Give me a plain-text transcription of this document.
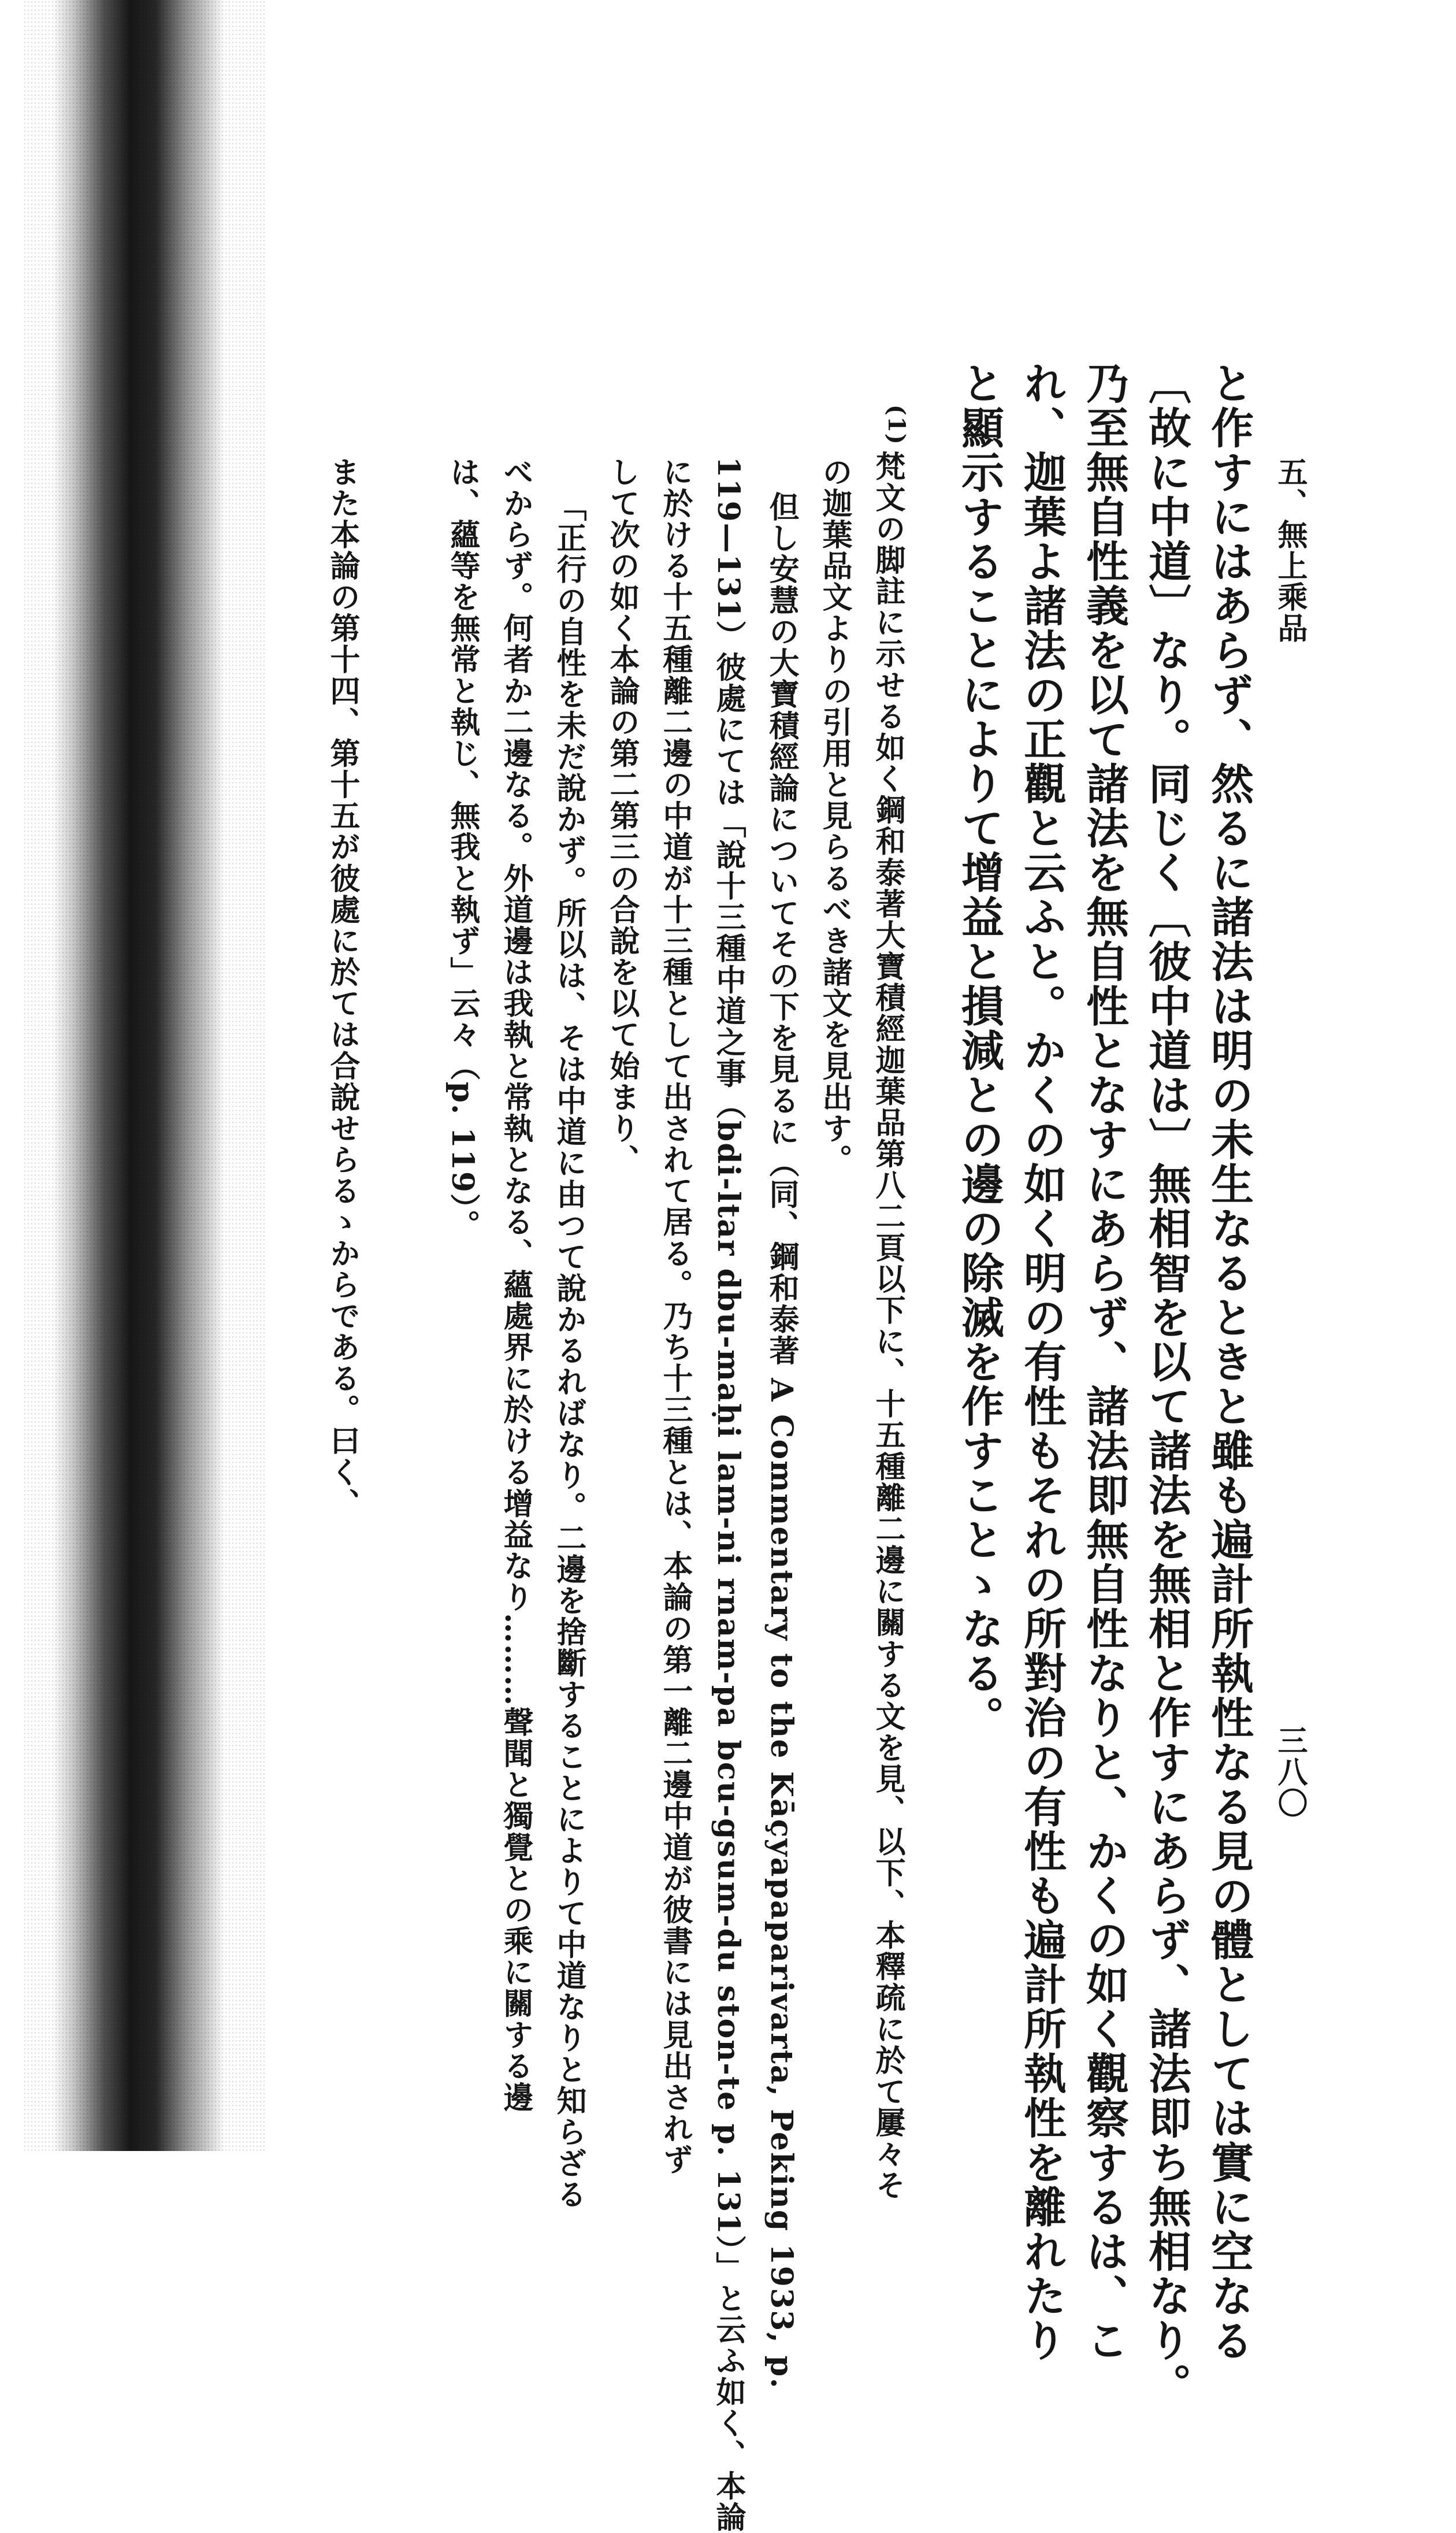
五、無上乘品
三八〇
と作すにはあらず、然るに諸法は明の未生なるときと雖も遍計所執性なる見の體としては實に空なる
〔故に中道〕なり。同じく〔彼中道は〕無相智を以て諸法を無相と作すにあらず、諸法即ち無相なり。
乃至無自性義を以て諸法を無自性となすにあらず、諸法即無自性なりと、かくの如く觀察するは、こ
れ、迦葉よ諸法の正觀と云ふと。かくの如く明の有性もそれの所對治の有性も遍計所執性を離れたり
と顯示することによりて增益と損減との邊の除滅を作すことゝなる。
(1)
梵文の脚註に示せる如く鋼和泰著大寶積經迦葉品第八二頁以下に、十五種離二邊に關する文を見、以下、本釋疏に於て屢々そ
の迦葉品文よりの引用と見らるべき諸文を見出す。
但し安慧の大寶積經論についてその下を見るに（同、鋼和泰著 A Commentary to the Kāçyapaparivarta, Peking 1933, p.
119—131）彼處にては「說十三種中道之事（bdi-ltar dbu-maḥi lam-ni rnam-pa bcu-gsum-du ston-te p. 131）」と云ふ如く、本論
に於ける十五種離二邊の中道が十三種として出されて居る。乃ち十三種とは、本論の第一離二邊中道が彼書には見出されず
して次の如く本論の第二第三の合說を以て始まり、
「正行の自性を未だ說かず。所以は、そは中道に由つて說かるればなり。二邊を捨斷することによりて中道なりと知らざる
べからず。何者か二邊なる。外道邊は我執と常執となる、蘊處界に於ける增益なり………聲聞と獨覺との乘に關する邊
は、蘊等を無常と執じ、無我と執ず」云々（p. 119）。
また本論の第十四、第十五が彼處に於ては合說せらるゝからである。曰く、
